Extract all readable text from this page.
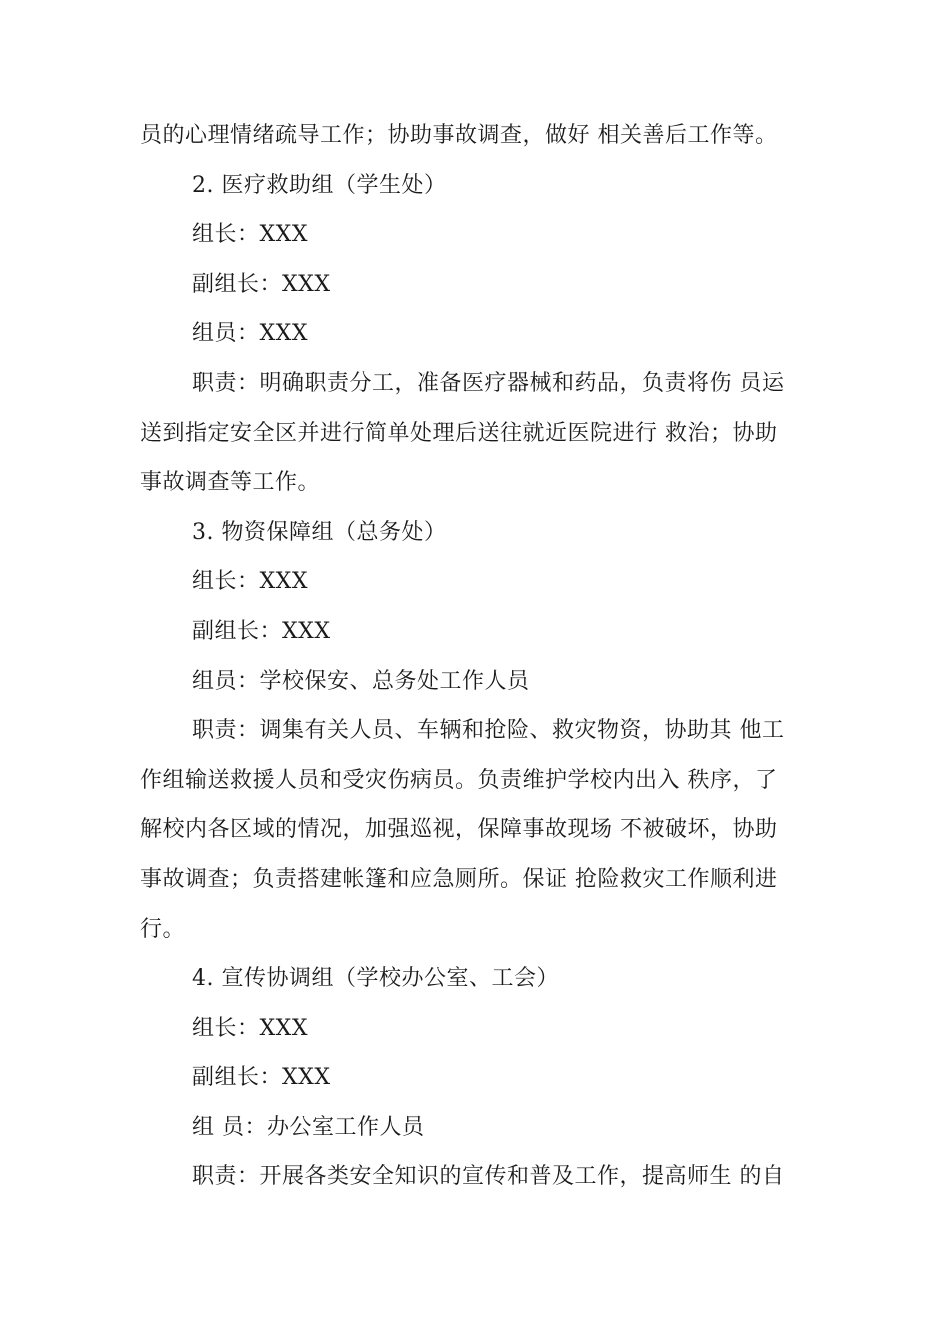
员的心理情绪疏导工作；协助事故调查，做好 相关善后工作等。

2. 医疗救助组（学生处）

组长：XXX

副组长：XXX

组员：XXX

职责：明确职责分工，准备医疗器械和药品，负责将伤 员运
送到指定安全区并进行简单处理后送往就近医院进行 救治；协助
事故调查等工作。

3. 物资保障组（总务处）

组长：XXX

副组长：XXX

组员：学校保安、总务处工作人员

职责：调集有关人员、车辆和抢险、救灾物资，协助其 他工
作组输送救援人员和受灾伤病员。负责维护学校内出入 秩序，了
解校内各区域的情况，加强巡视，保障事故现场 不被破坏，协助
事故调查；负责搭建帐篷和应急厕所。保证 抢险救灾工作顺利进
行。

4. 宣传协调组（学校办公室、工会）

组长：XXX

副组长：XXX

组 员：办公室工作人员

职责：开展各类安全知识的宣传和普及工作，提高师生 的自
